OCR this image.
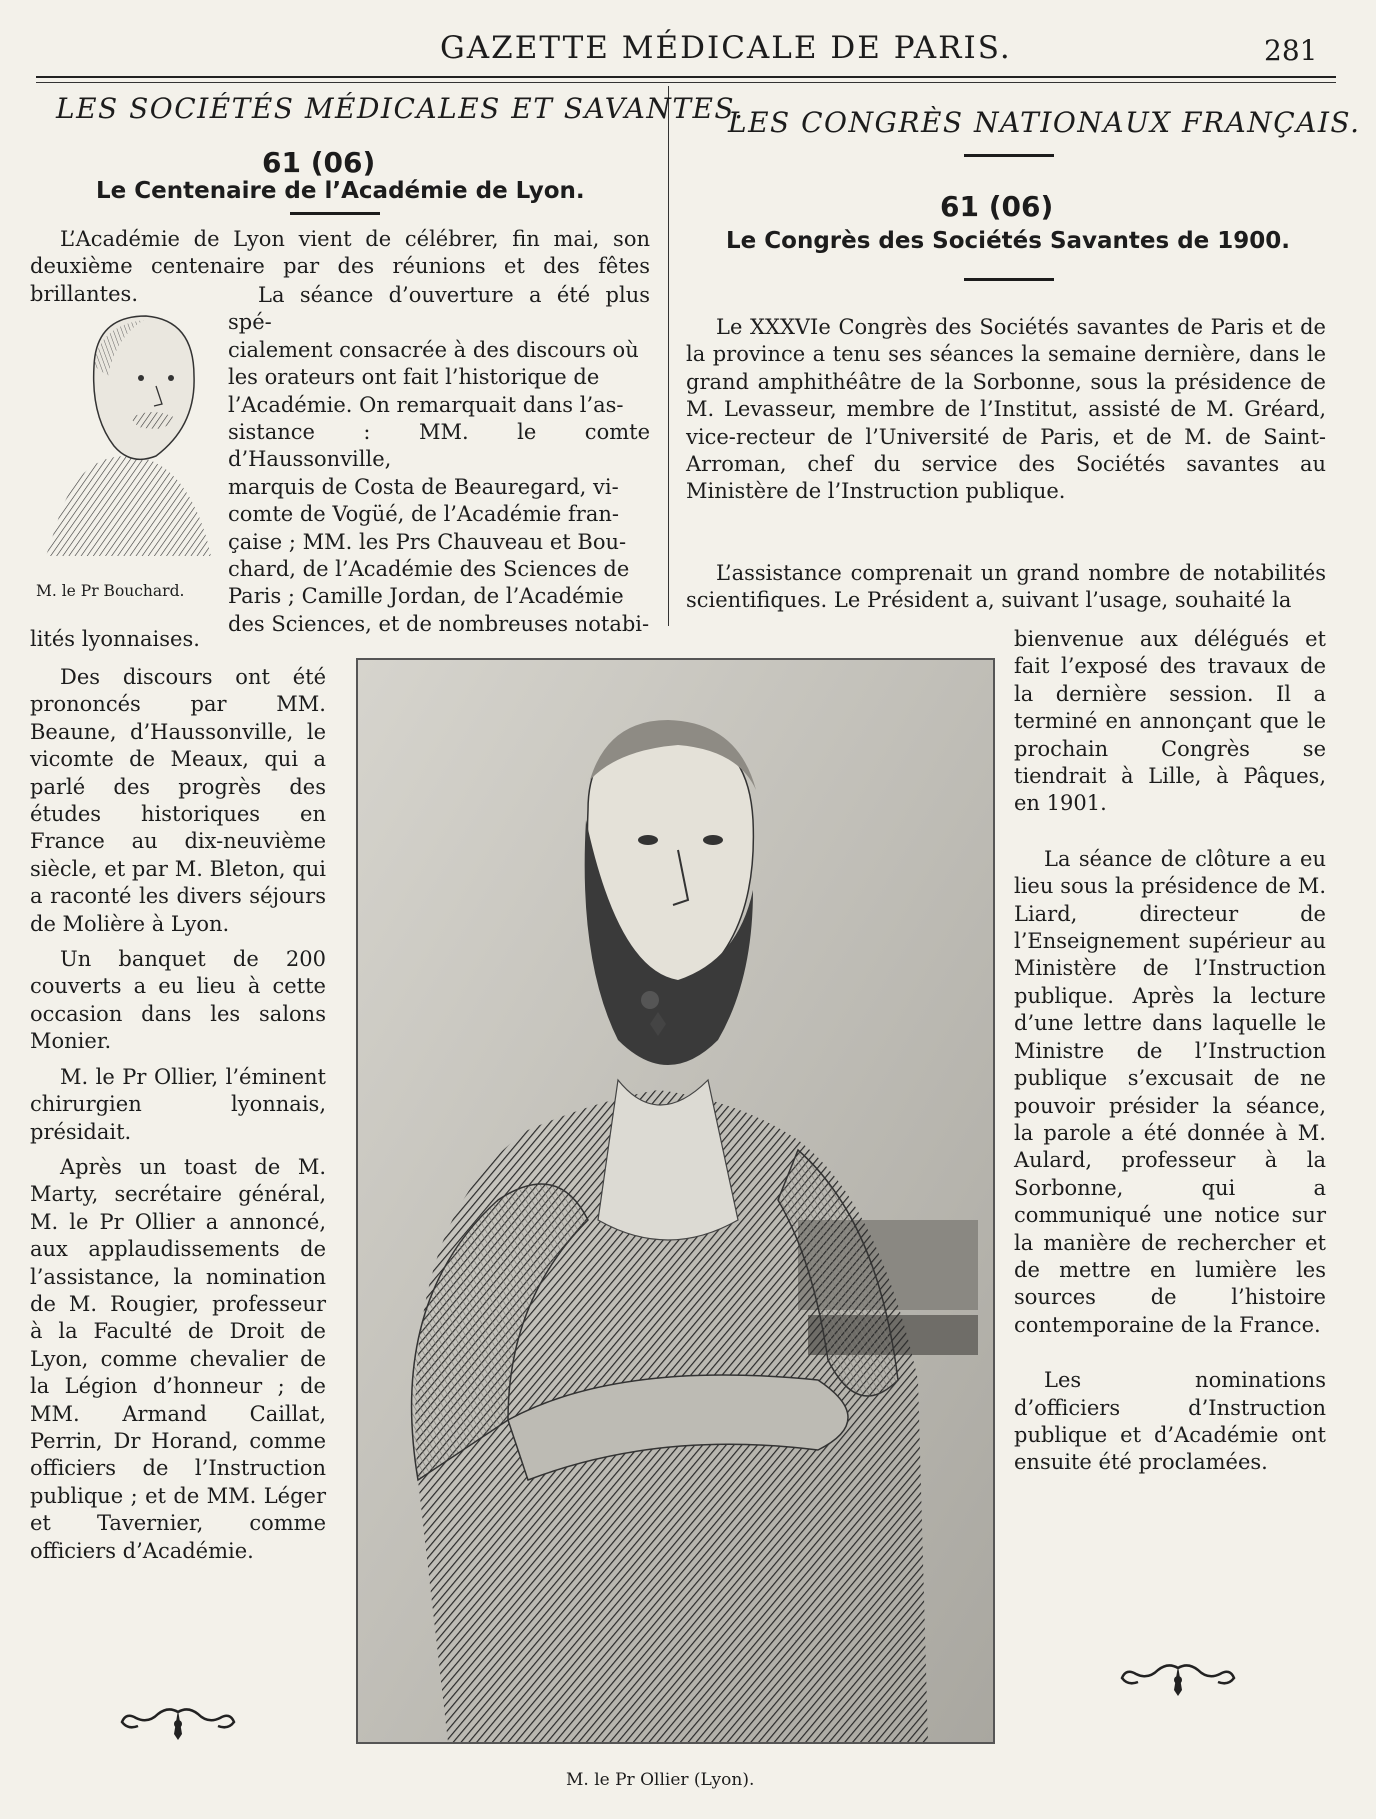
GAZETTE MÉDICALE DE PARIS.	281
LES SOCIÉTÉS MÉDICALES ET SAVANTES.
61 (06)
Le Centenaire de l’Académie de Lyon.

L’Académie de Lyon vient de célébrer, fin mai, son deuxième centenaire par des réunions et des fêtes brillantes.

M. le Pr Bouchard.

La séance d’ouverture a été plus spé-

cialement consacrée à des discours où

les orateurs ont fait l’historique de

l’Académie. On remarquait dans l’as-

sistance : MM. le comte d’Haussonville,

marquis de Costa de Beauregard, vi-

comte de Vogüé, de l’Académie fran-

çaise ; MM. les Prs Chauveau et Bou-

chard, de l’Académie des Sciences de

Paris ; Camille Jordan, de l’Académie

des Sciences, et de nombreuses notabi-

lités lyonnaises.

Des discours ont été prononcés par MM. Beaune, d’Haussonville, le vicomte de Meaux, qui a parlé des progrès des études historiques en France au dix-neuvième siècle, et par M. Bleton, qui a raconté les divers séjours de Molière à Lyon.

Un banquet de 200 couverts a eu lieu à cette occasion dans les salons Monier.

M. le Pr Ollier, l’éminent chirurgien lyonnais, présidait.

Après un toast de M. Marty, secrétaire général, M. le Pr Ollier a annoncé, aux applaudissements de l’assistance, la nomination de M. Rougier, professeur à la Faculté de Droit de Lyon, comme chevalier de la Légion d’honneur ; de MM. Armand Caillat, Perrin, Dr Horand, comme officiers de l’Instruction publique ; et de MM. Léger et Tavernier, comme officiers d’Académie.

LES CONGRÈS NATIONAUX FRANÇAIS.
61 (06)
Le Congrès des Sociétés Savantes de 1900.

Le XXXVIe Congrès des Sociétés savantes de Paris et de la province a tenu ses séances la semaine dernière, dans le grand amphithéâtre de la Sorbonne, sous la présidence de M. Levasseur, membre de l’Institut, assisté de M. Gréard, vice-recteur de l’Université de Paris, et de M. de Saint-Arroman, chef du service des Sociétés savantes au Ministère de l’Instruction publique.

L’assistance comprenait un grand nombre de notabilités scientifiques. Le Président a, suivant l’usage, souhaité la

bienvenue aux délégués et fait l’exposé des travaux de la dernière session. Il a terminé en annonçant que le prochain Congrès se tiendrait à Lille, à Pâques, en 1901.

La séance de clôture a eu lieu sous la présidence de M. Liard, directeur de l’Enseignement supérieur au Ministère de l’Instruction publique. Après la lecture d’une lettre dans laquelle le Ministre de l’Instruction publique s’excusait de ne pouvoir présider la séance, la parole a été donnée à M. Aulard, professeur à la Sorbonne, qui a communiqué une notice sur la manière de rechercher et de mettre en lumière les sources de l’histoire contemporaine de la France.

Les nominations d’officiers d’Instruction publique et d’Académie ont ensuite été proclamées.

M. le Pr Ollier (Lyon).
